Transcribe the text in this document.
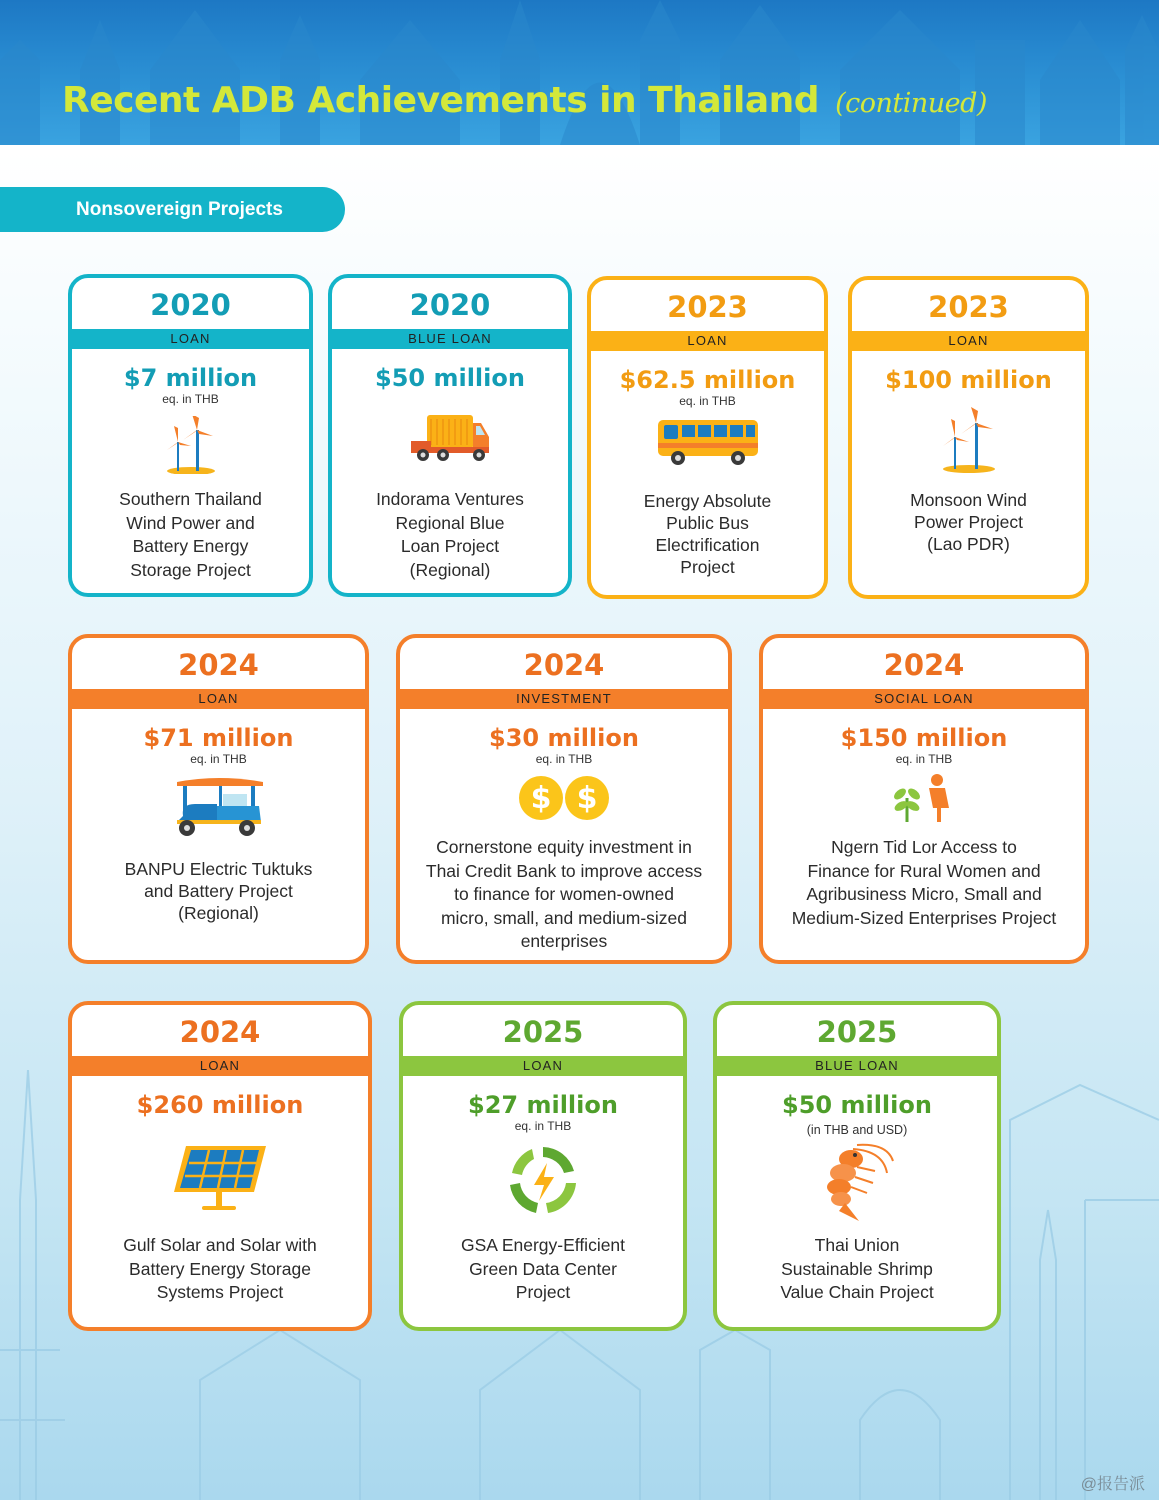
Recent ADB Achievements in Thailand (continued)
Nonsovereign Projects
2020
LOAN
$7 million
eq. in THB
Southern Thailand
Wind Power and
Battery Energy
Storage Project
2020
BLUE LOAN
$50 million
Indorama Ventures
Regional Blue
Loan Project
(Regional)
2023
LOAN
$62.5 million
eq. in THB
Energy Absolute
Public Bus
Electrification
Project
2023
LOAN
$100 million
Monsoon Wind
Power Project
(Lao PDR)
2024
LOAN
$71 million
eq. in THB
BANPU Electric Tuktuks
and Battery Project
(Regional)
2024
INVESTMENT
$30 million
eq. in THB
$ $
Cornerstone equity investment in
Thai Credit Bank to improve access
to finance for women-owned
micro, small, and medium-sized
enterprises
2024
SOCIAL LOAN
$150 million
eq. in THB
Ngern Tid Lor Access to
Finance for Rural Women and
Agribusiness Micro, Small and
Medium-Sized Enterprises Project
2024
LOAN
$260 million
Gulf Solar and Solar with
Battery Energy Storage
Systems Project
2025
LOAN
$27 million
eq. in THB
GSA Energy-Efficient
Green Data Center
Project
2025
BLUE LOAN
$50 million
(in THB and USD)
Thai Union
Sustainable Shrimp
Value Chain Project
@报告派
